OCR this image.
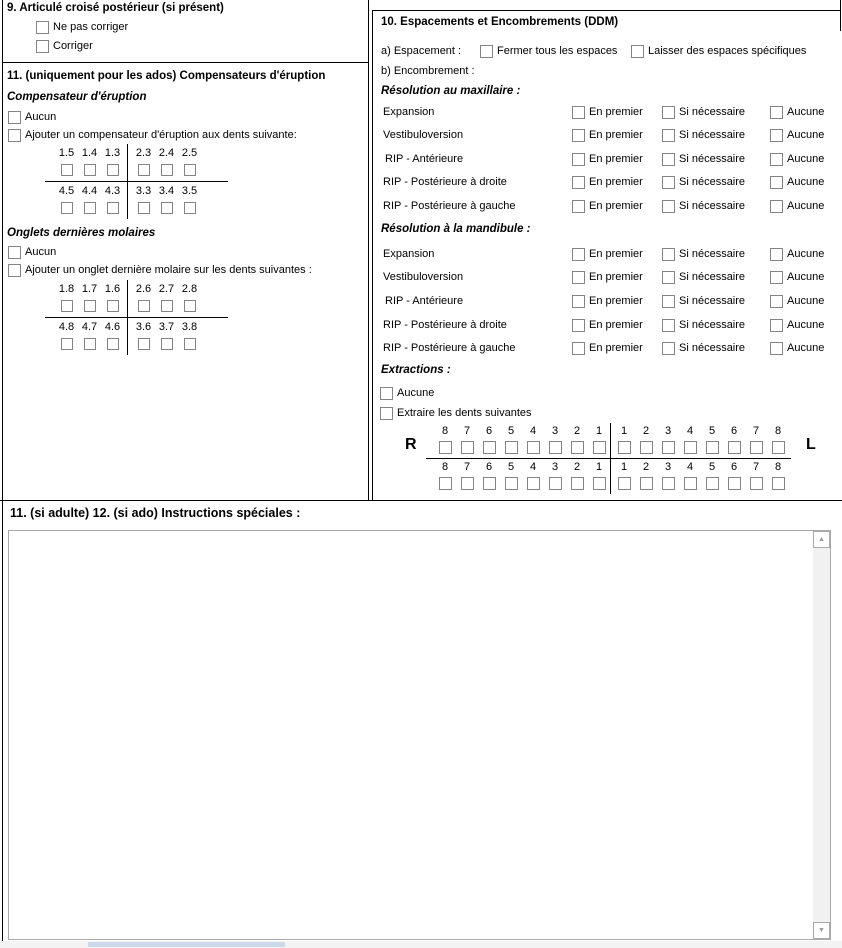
9. Articulé croisé postérieur (si présent)
Ne pas corriger
Corriger
11. (uniquement pour les ados) Compensateurs d'éruption
Compensateur d'éruption
Aucun
Ajouter un compensateur d'éruption aux dents suivante:
1.5 1.4 1.3 2.3 2.4 2.5
4.5 4.4 4.3 3.3 3.4 3.5
Onglets dernières molaires
Aucun
Ajouter un onglet dernière molaire sur les dents suivantes :
1.8 1.7 1.6 2.6 2.7 2.8
4.8 4.7 4.6 3.6 3.7 3.8
10. Espacements et Encombrements (DDM)
a) Espacement :	Fermer tous les espaces	Laisser des espaces spécifiques
b) Encombrement :
Résolution au maxillaire :
Expansion	En premier	Si nécessaire	Aucune
Vestibuloversion	En premier	Si nécessaire	Aucune
RIP - Antérieure	En premier	Si nécessaire	Aucune
RIP - Postérieure à droite	En premier	Si nécessaire	Aucune
RIP - Postérieure à gauche	En premier	Si nécessaire	Aucune
Résolution à la mandibule :
Expansion	En premier	Si nécessaire	Aucune
Vestibuloversion	En premier	Si nécessaire	Aucune
RIP - Antérieure	En premier	Si nécessaire	Aucune
RIP - Postérieure à droite	En premier	Si nécessaire	Aucune
RIP - Postérieure à gauche	En premier	Si nécessaire	Aucune
Extractions :
Aucune
Extraire les dents suivantes
R	L
8 7 6 5 4 3 2 1 1 2 3 4 5 6 7 8
8 7 6 5 4 3 2 1 1 2 3 4 5 6 7 8
11. (si adulte) 12. (si ado) Instructions spéciales :
▲
▼
